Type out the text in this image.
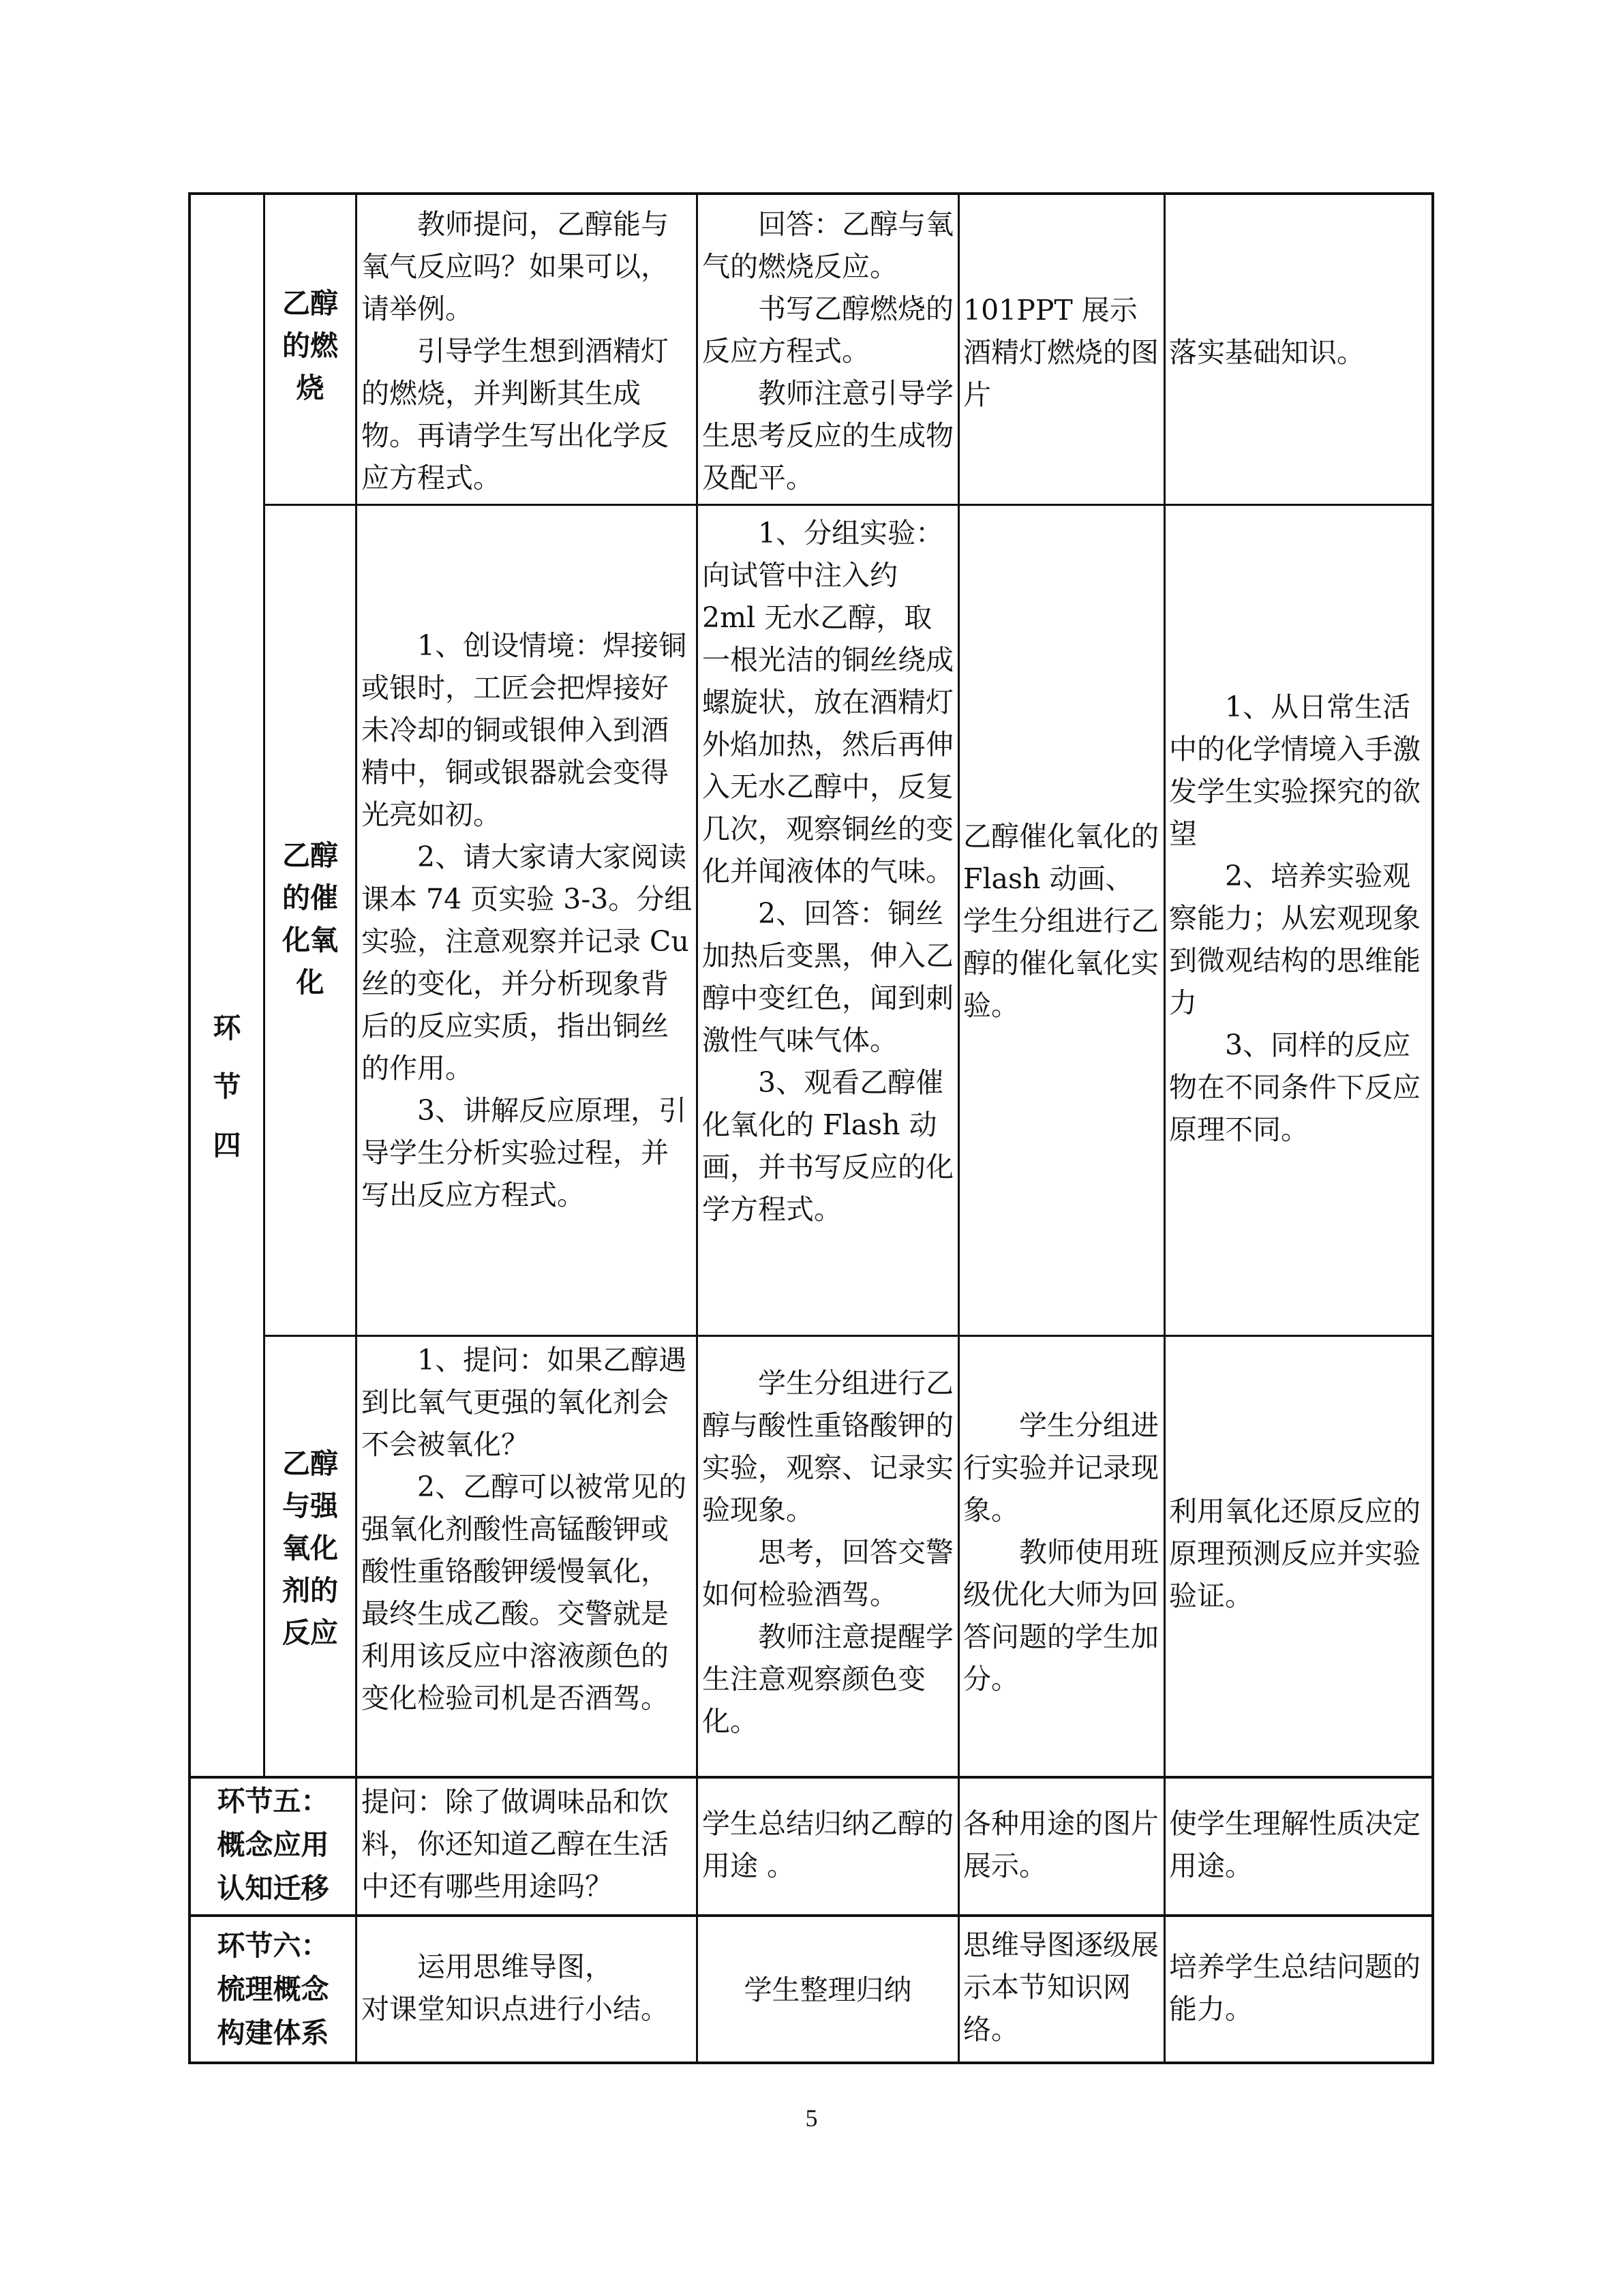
环
节
四
乙醇
的燃
烧

教师提问，乙醇能与氧气反应吗？如果可以，请举例。

引导学生想到酒精灯的燃烧，并判断其生成物。再请学生写出化学反应方程式。

回答：乙醇与氧气的燃烧反应。

书写乙醇燃烧的反应方程式。

教师注意引导学生思考反应的生成物及配平。

101PPT 展示酒精灯燃烧的图片

落实基础知识。

乙醇
的催
化氧
化

1、创设情境：焊接铜或银时，工匠会把焊接好未冷却的铜或银伸入到酒精中，铜或银器就会变得光亮如初。

2、请大家请大家阅读课本 74 页实验 3-3。分组实验，注意观察并记录 Cu 丝的变化，并分析现象背后的反应实质，指出铜丝的作用。

3、讲解反应原理，引导学生分析实验过程，并写出反应方程式。

1、分组实验：向试管中注入约 2ml 无水乙醇，取一根光洁的铜丝绕成螺旋状，放在酒精灯外焰加热，然后再伸入无水乙醇中，反复几次，观察铜丝的变化并闻液体的气味。

2、回答：铜丝加热后变黑，伸入乙醇中变红色，闻到刺激性气味气体。

3、观看乙醇催化氧化的 Flash 动画，并书写反应的化学方程式。

乙醇催化氧化的 Flash 动画、学生分组进行乙醇的催化氧化实验。

1、从日常生活中的化学情境入手激发学生实验探究的欲望

2、培养实验观察能力；从宏观现象到微观结构的思维能力

3、同样的反应物在不同条件下反应原理不同。

乙醇
与强
氧化
剂的
反应

1、提问：如果乙醇遇到比氧气更强的氧化剂会不会被氧化？

2、乙醇可以被常见的强氧化剂酸性高锰酸钾或酸性重铬酸钾缓慢氧化，最终生成乙酸。交警就是利用该反应中溶液颜色的变化检验司机是否酒驾。

学生分组进行乙醇与酸性重铬酸钾的实验，观察、记录实验现象。

思考，回答交警如何检验酒驾。

教师注意提醒学生注意观察颜色变化。

学生分组进行实验并记录现象。

教师使用班级优化大师为回答问题的学生加分。

利用氧化还原反应的原理预测反应并实验验证。

环节五：
概念应用
认知迁移

提问：除了做调味品和饮料，你还知道乙醇在生活中还有哪些用途吗？

学生总结归纳乙醇的用途 。

各种用途的图片展示。

使学生理解性质决定用途。

环节六：
梳理概念
构建体系

运用思维导图，

对课堂知识点进行小结。

学生整理归纳

思维导图逐级展示本节知识网络。

培养学生总结问题的能力。

5
